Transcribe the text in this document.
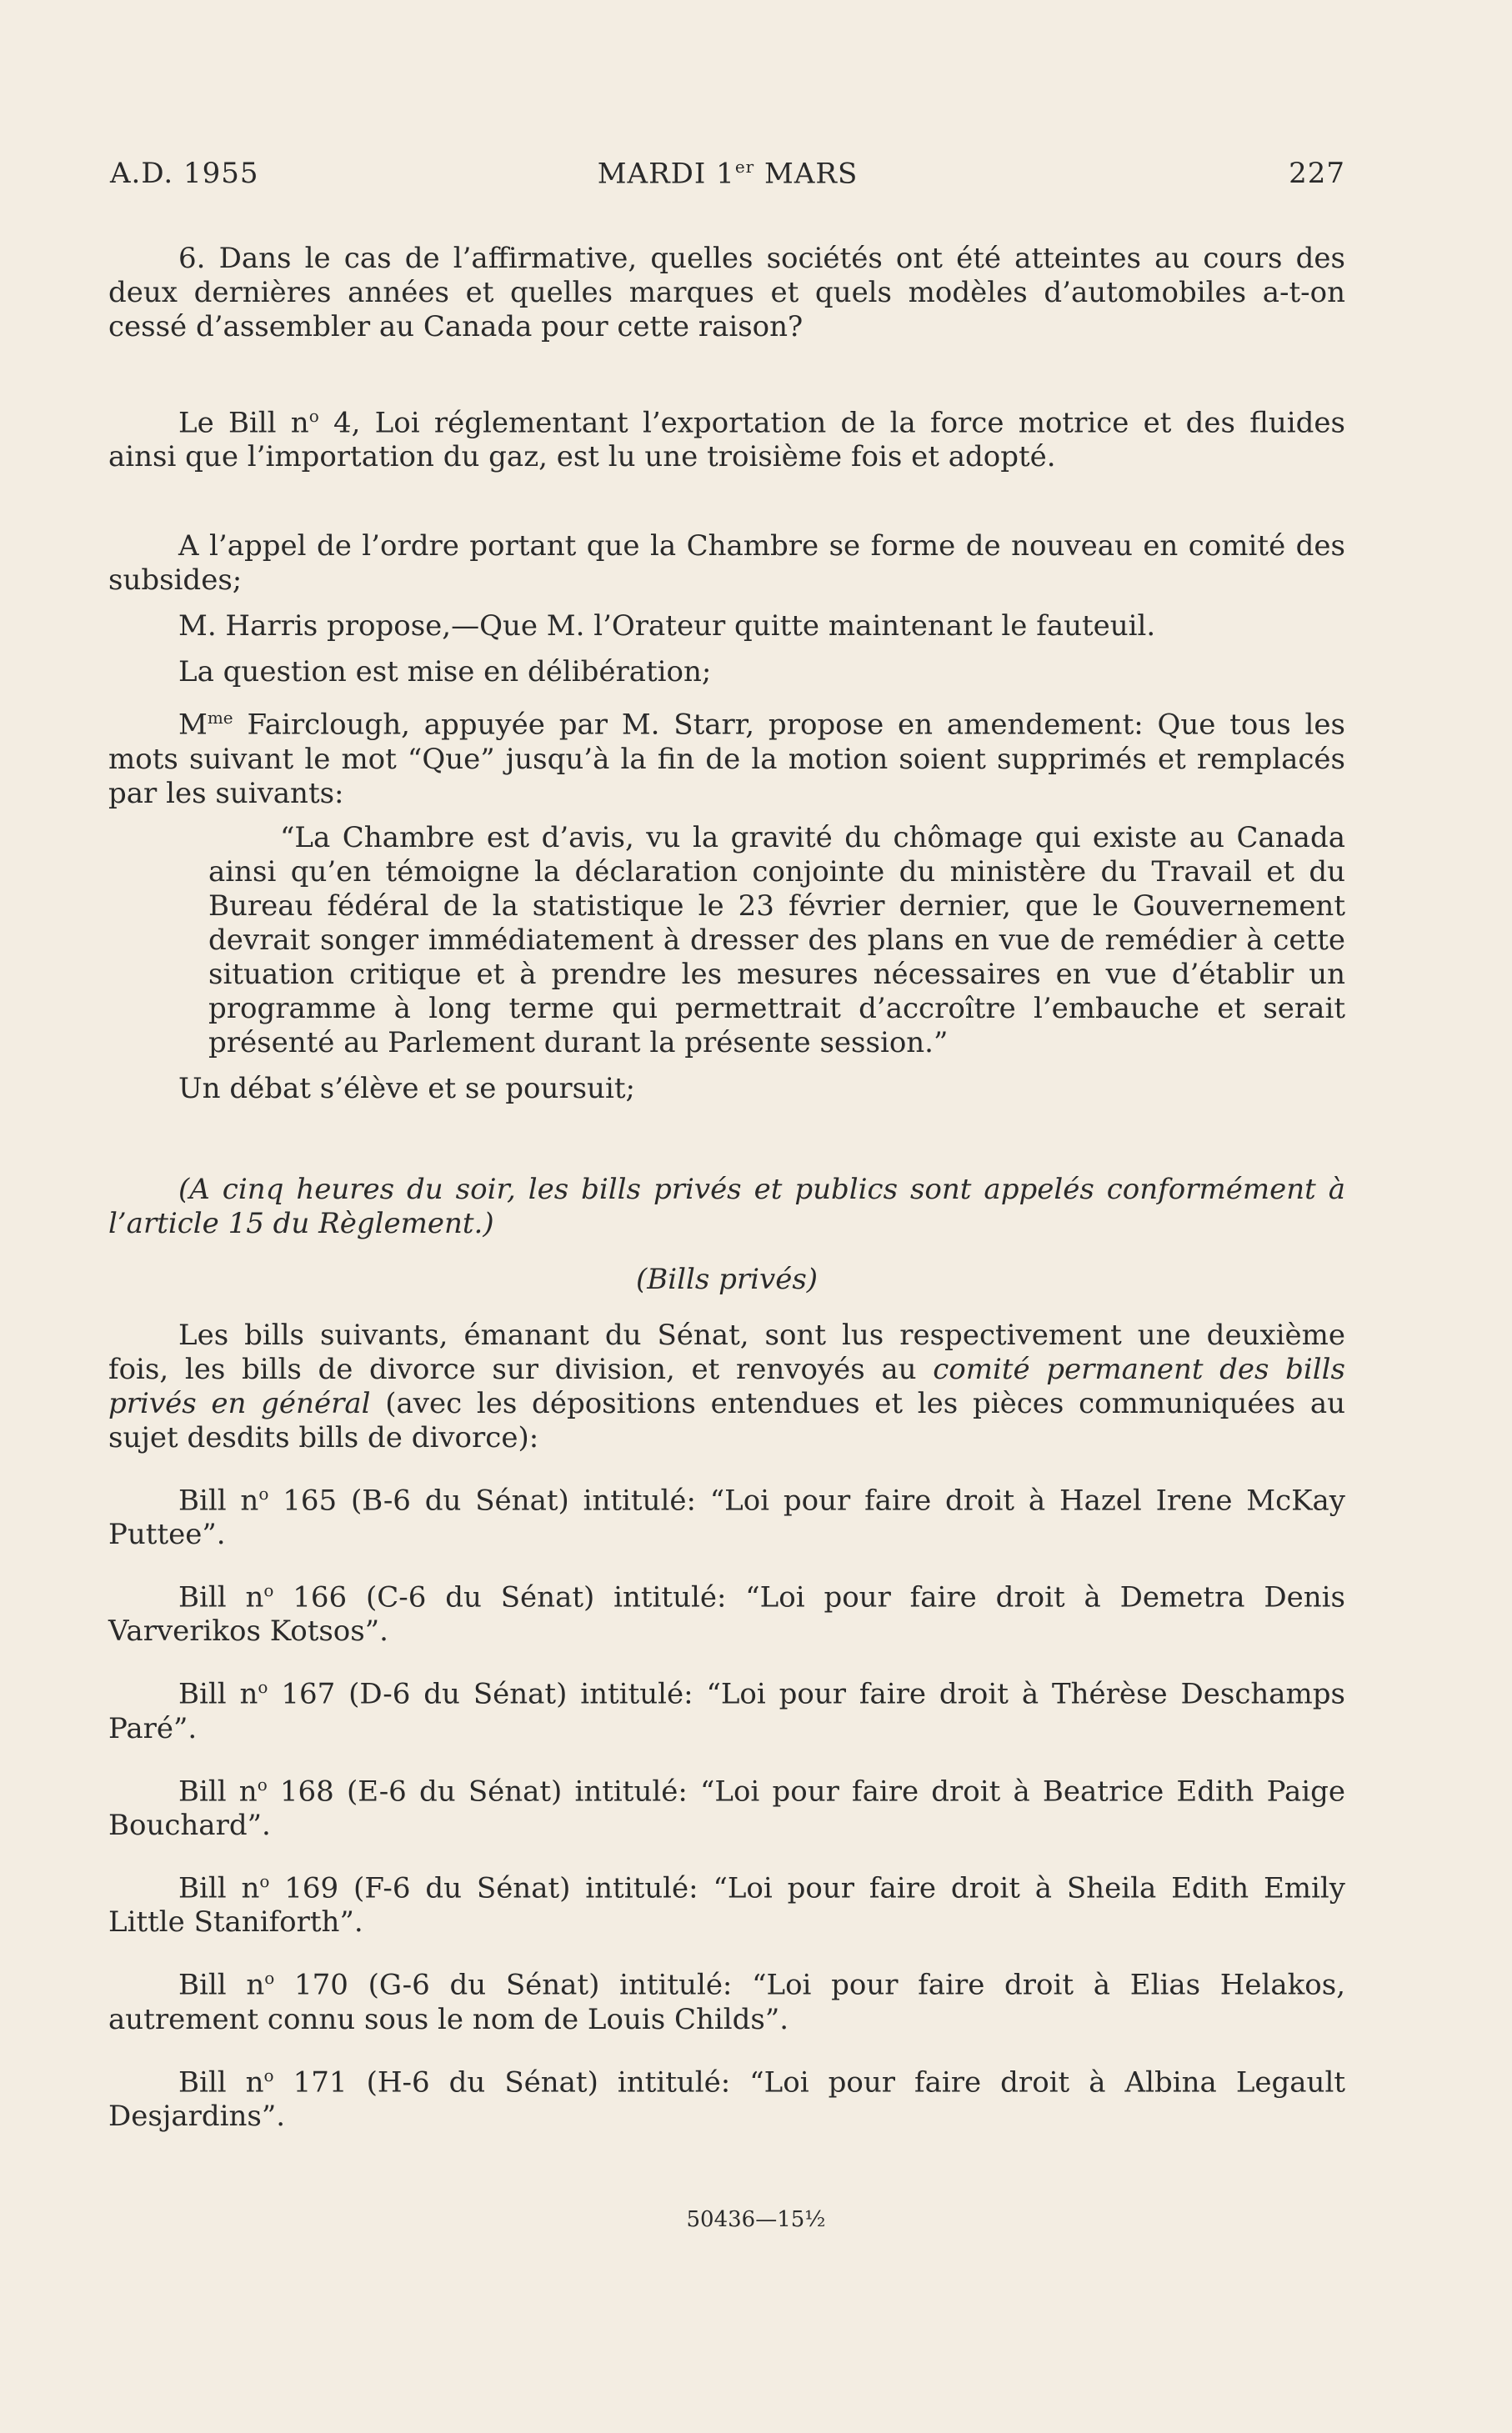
A.D. 1955	MARDI 1er MARS	227

6. Dans le cas de l’affirmative, quelles sociétés ont été atteintes au cours des deux dernières années et quelles marques et quels modèles d’automobiles a-t-on cessé d’assembler au Canada pour cette raison?

Le Bill $n^o$ 4, Loi réglementant l’exportation de la force motrice et des fluides ainsi que l’importation du gaz, est lu une troisième fois et adopté.

A l’appel de l’ordre portant que la Chambre se forme de nouveau en comité des subsides;

M. Harris propose,—Que M. l’Orateur quitte maintenant le fauteuil.

La question est mise en délibération;

$M^{me}$ Fairclough, appuyée par M. Starr, propose en amendement: Que tous les mots suivant le mot “Que” jusqu’à la fin de la motion soient supprimés et remplacés par les suivants:

“La Chambre est d’avis, vu la gravité du chômage qui existe au Canada ainsi qu’en témoigne la déclaration conjointe du ministère du Travail et du Bureau fédéral de la statistique le 23 février dernier, que le Gouvernement devrait songer immédiatement à dresser des plans en vue de remédier à cette situation critique et à prendre les mesures nécessaires en vue d’établir un programme à long terme qui permettrait d’accroître l’embauche et serait présenté au Parlement durant la présente session.”

Un débat s’élève et se poursuit;

(A cinq heures du soir, les bills privés et publics sont appelés conformément à l’article 15 du Règlement.)

(Bills privés)

Les bills suivants, émanant du Sénat, sont lus respectivement une deuxième fois, les bills de divorce sur division, et renvoyés au comité permanent des bills privés en général (avec les dépositions entendues et les pièces communiquées au sujet desdits bills de divorce):

Bill $n^o$ 165 (B-6 du Sénat) intitulé: “Loi pour faire droit à Hazel Irene McKay Puttee”.

Bill $n^o$ 166 (C-6 du Sénat) intitulé: “Loi pour faire droit à Demetra Denis Varverikos Kotsos”.

Bill $n^o$ 167 (D-6 du Sénat) intitulé: “Loi pour faire droit à Thérèse Deschamps Paré”.

Bill $n^o$ 168 (E-6 du Sénat) intitulé: “Loi pour faire droit à Beatrice Edith Paige Bouchard”.

Bill $n^o$ 169 (F-6 du Sénat) intitulé: “Loi pour faire droit à Sheila Edith Emily Little Staniforth”.

Bill $n^o$ 170 (G-6 du Sénat) intitulé: “Loi pour faire droit à Elias Helakos, autrement connu sous le nom de Louis Childs”.

Bill $n^o$ 171 (H-6 du Sénat) intitulé: “Loi pour faire droit à Albina Legault Desjardins”.

50436—15½
